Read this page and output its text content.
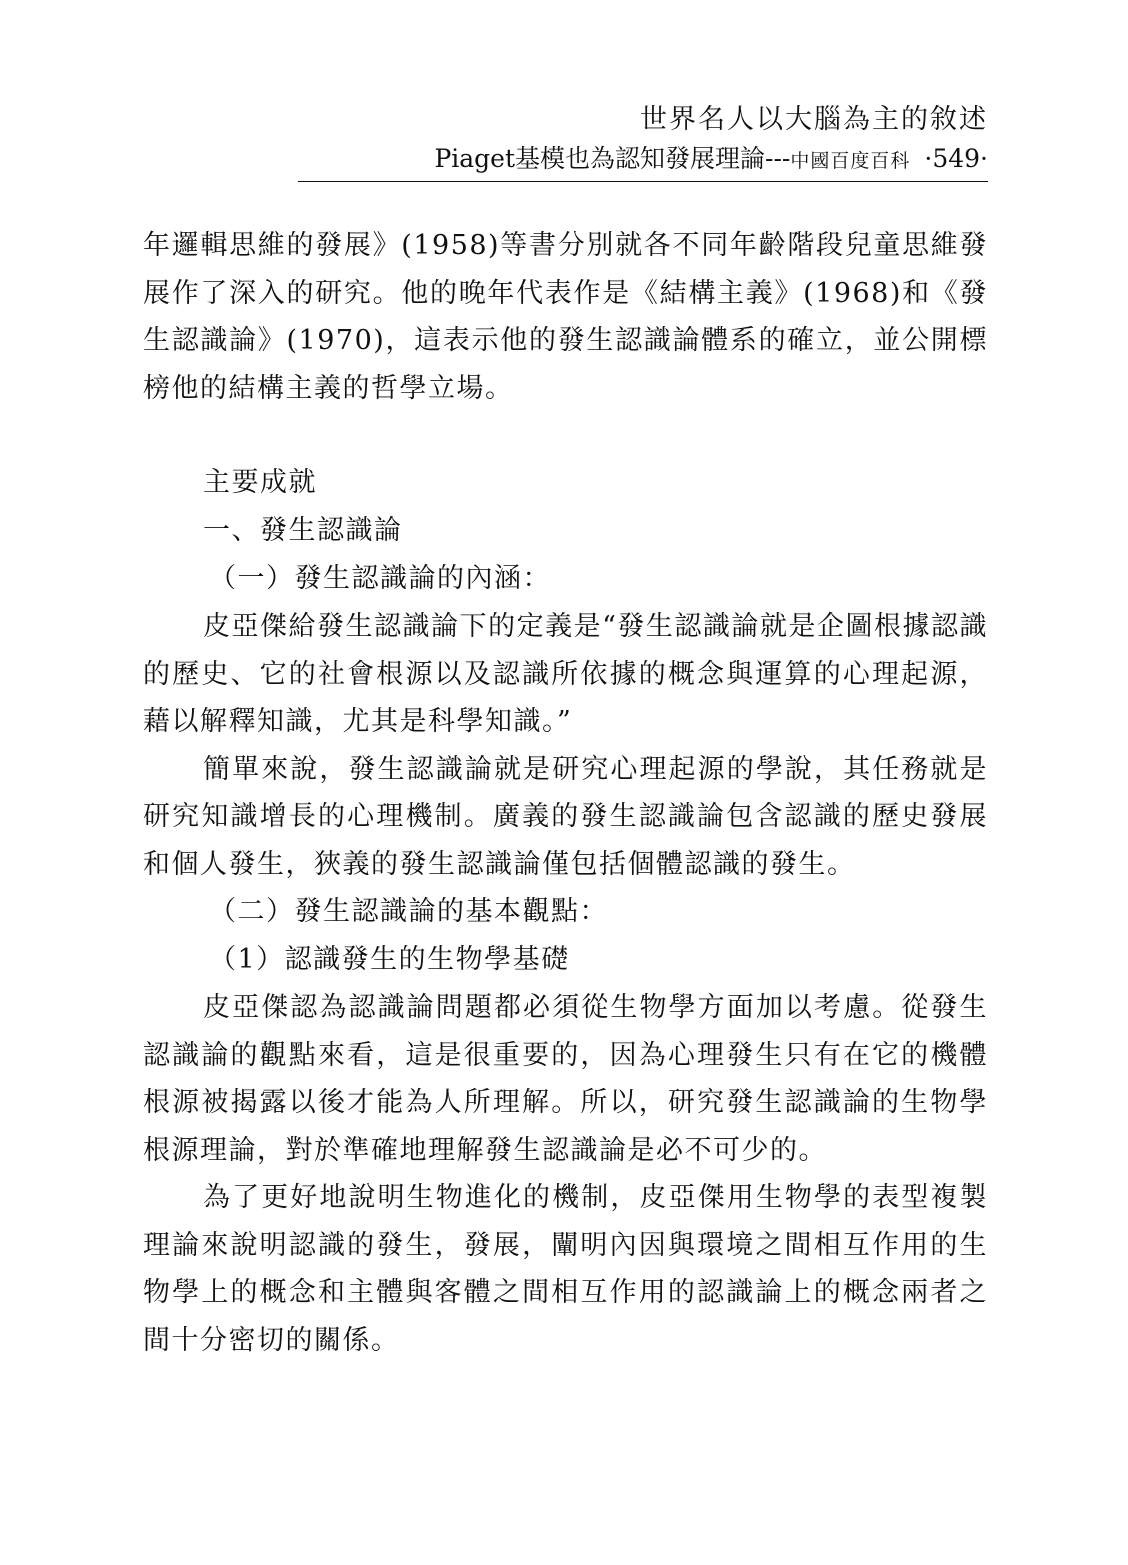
世界名人以大腦為主的敘述
Piaget基模也為認知發展理論---中國百度百科 ·549·

年邏輯思維的發展》(1958)等書分別就各不同年齡階段兒童思維發展作了深入的研究。他的晚年代表作是《結構主義》(1968)和《發生認識論》(1970)，這表示他的發生認識論體系的確立，並公開標榜他的結構主義的哲學立場。

主要成就

一、發生認識論

（一）發生認識論的內涵：

皮亞傑給發生認識論下的定義是“發生認識論就是企圖根據認識的歷史、它的社會根源以及認識所依據的概念與運算的心理起源，藉以解釋知識，尤其是科學知識。”

簡單來說，發生認識論就是研究心理起源的學說，其任務就是研究知識增長的心理機制。廣義的發生認識論包含認識的歷史發展和個人發生，狹義的發生認識論僅包括個體認識的發生。

（二）發生認識論的基本觀點：

（1）認識發生的生物學基礎

皮亞傑認為認識論問題都必須從生物學方面加以考慮。從發生認識論的觀點來看，這是很重要的，因為心理發生只有在它的機體根源被揭露以後才能為人所理解。所以，研究發生認識論的生物學根源理論，對於準確地理解發生認識論是必不可少的。

為了更好地說明生物進化的機制，皮亞傑用生物學的表型複製理論來說明認識的發生，發展，闡明內因與環境之間相互作用的生物學上的概念和主體與客體之間相互作用的認識論上的概念兩者之間十分密切的關係。
